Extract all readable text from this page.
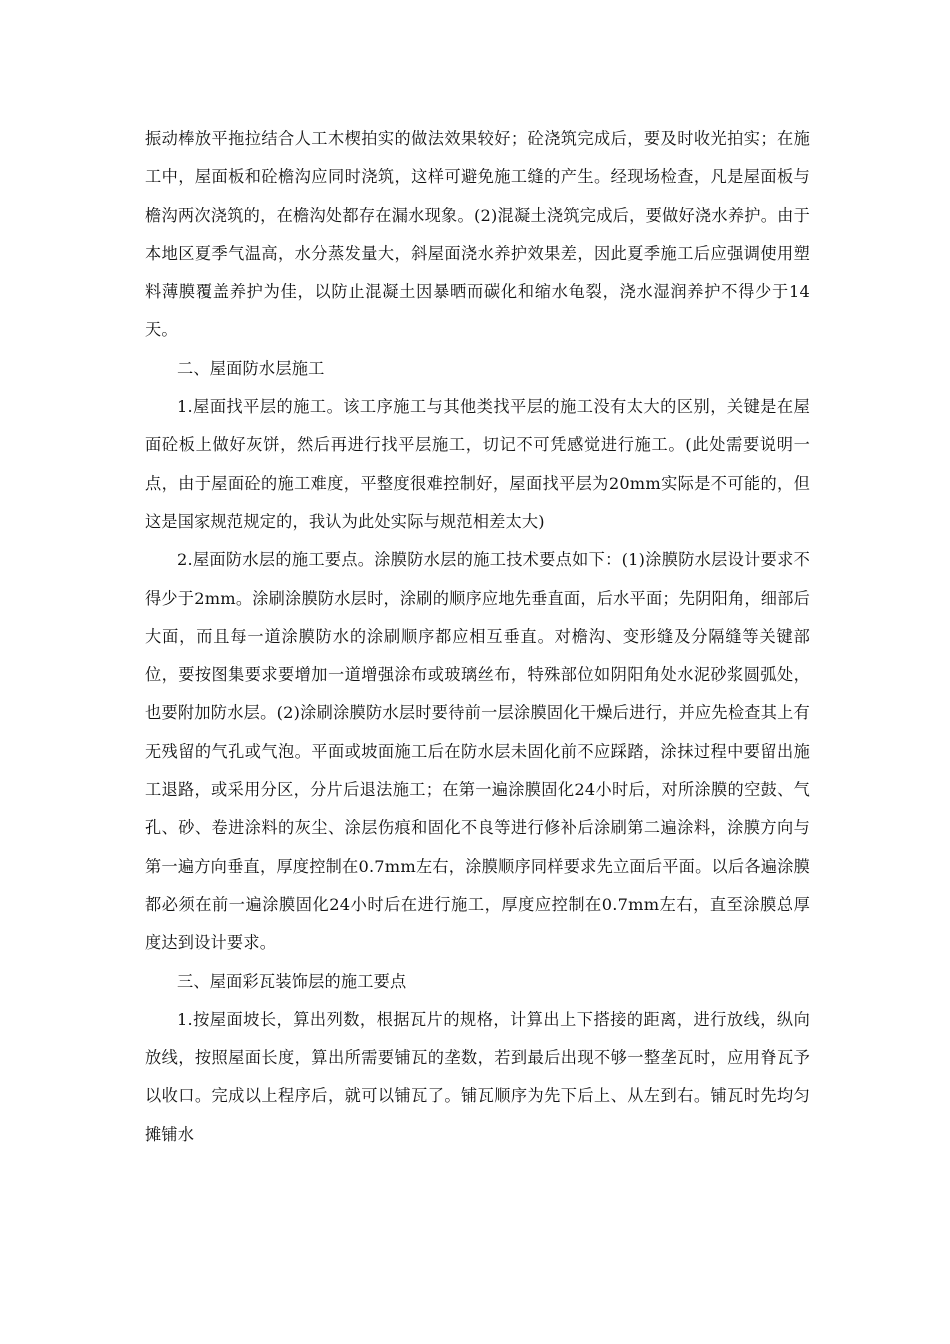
振动棒放平拖拉结合人工木楔拍实的做法效果较好；砼浇筑完成后，要及时收光拍实；在施工中，屋面板和砼檐沟应同时浇筑，这样可避免施工缝的产生。经现场检查，凡是屋面板与檐沟两次浇筑的，在檐沟处都存在漏水现象。(2)混凝土浇筑完成后，要做好浇水养护。由于本地区夏季气温高，水分蒸发量大，斜屋面浇水养护效果差，因此夏季施工后应强调使用塑料薄膜覆盖养护为佳，以防止混凝土因暴晒而碳化和缩水龟裂，浇水湿润养护不得少于14天。

二、屋面防水层施工

1.屋面找平层的施工。该工序施工与其他类找平层的施工没有太大的区别，关键是在屋面砼板上做好灰饼，然后再进行找平层施工，切记不可凭感觉进行施工。(此处需要说明一点，由于屋面砼的施工难度，平整度很难控制好，屋面找平层为20mm实际是不可能的，但这是国家规范规定的，我认为此处实际与规范相差太大)

2.屋面防水层的施工要点。涂膜防水层的施工技术要点如下：(1)涂膜防水层设计要求不得少于2mm。涂刷涂膜防水层时，涂刷的顺序应地先垂直面，后水平面；先阴阳角，细部后大面，而且每一道涂膜防水的涂刷顺序都应相互垂直。对檐沟、变形缝及分隔缝等关键部位，要按图集要求要增加一道增强涂布或玻璃丝布，特殊部位如阴阳角处水泥砂浆圆弧处，也要附加防水层。(2)涂刷涂膜防水层时要待前一层涂膜固化干燥后进行，并应先检查其上有无残留的气孔或气泡。平面或坡面施工后在防水层未固化前不应踩踏，涂抹过程中要留出施工退路，或采用分区，分片后退法施工；在第一遍涂膜固化24小时后，对所涂膜的空鼓、气孔、砂、卷进涂料的灰尘、涂层伤痕和固化不良等进行修补后涂刷第二遍涂料，涂膜方向与第一遍方向垂直，厚度控制在0.7mm左右，涂膜顺序同样要求先立面后平面。以后各遍涂膜都必须在前一遍涂膜固化24小时后在进行施工，厚度应控制在0.7mm左右，直至涂膜总厚度达到设计要求。

三、屋面彩瓦装饰层的施工要点

1.按屋面坡长，算出列数，根据瓦片的规格，计算出上下搭接的距离，进行放线，纵向放线，按照屋面长度，算出所需要铺瓦的垄数，若到最后出现不够一整垄瓦时，应用脊瓦予以收口。完成以上程序后，就可以铺瓦了。铺瓦顺序为先下后上、从左到右。铺瓦时先均匀摊铺水
